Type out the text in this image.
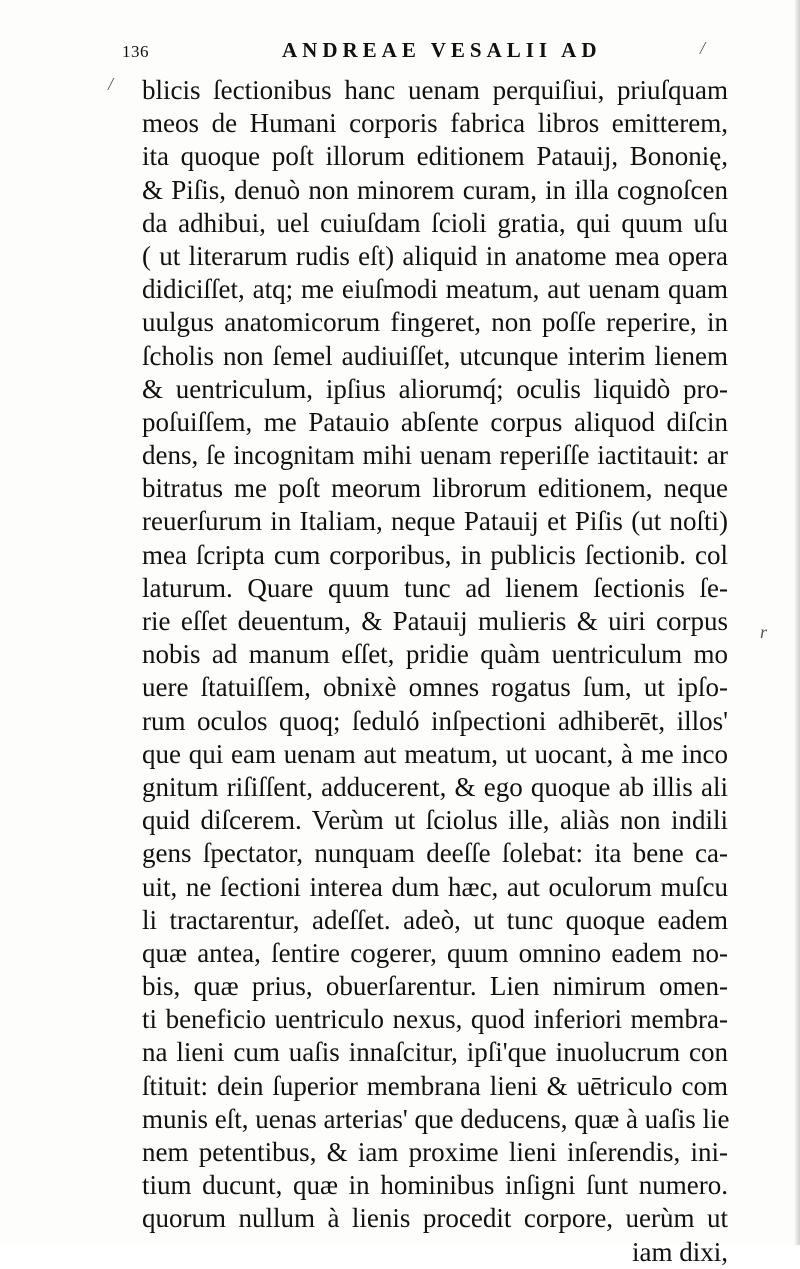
/
/
r
136	ANDREAE VESALII AD
blicis ſectionibus hanc uenam perquiſiui, priuſquam
meos de Humani corporis fabrica libros emitterem,
ita quoque poſt illorum editionem Patauij, Bononię,
& Piſis, denuò non minorem curam, in illa cognoſcen
da adhibui, uel cuiuſdam ſcioli gratia, qui quum uſu
( ut literarum rudis eſt) aliquid in anatome mea opera
didiciſſet, atq; me eiuſmodi meatum, aut uenam quam
uulgus anatomicorum fingeret, non poſſe reperire, in
ſcholis non ſemel audiuiſſet, utcunque interim lienem
& uentriculum, ipſius aliorumq́; oculis liquidò pro-
poſuiſſem, me Patauio abſente corpus aliquod diſcin
dens, ſe incognitam mihi uenam reperiſſe iactitauit: ar
bitratus me poſt meorum librorum editionem, neque
reuerſurum in Italiam, neque Patauij et Piſis (ut noſti)
mea ſcripta cum corporibus, in publicis ſectionib. col
laturum. Quare quum tunc ad lienem ſectionis ſe-
rie eſſet deuentum, & Patauij mulieris & uiri corpus
nobis ad manum eſſet, pridie quàm uentriculum mo
uere ſtatuiſſem, obnixè omnes rogatus ſum, ut ipſo-
rum oculos quoq; ſeduló inſpectioni adhiberēt, illos'
que qui eam uenam aut meatum, ut uocant, à me inco
gnitum riſiſſent, adducerent, & ego quoque ab illis ali
quid diſcerem. Verùm ut ſciolus ille, aliàs non indili
gens ſpectator, nunquam deeſſe ſolebat: ita bene ca-
uit, ne ſectioni interea dum hæc, aut oculorum muſcu
li tractarentur, adeſſet. adeò, ut tunc quoque eadem
quæ antea, ſentire cogerer, quum omnino eadem no-
bis, quæ prius, obuerſarentur. Lien nimirum omen-
ti beneficio uentriculo nexus, quod inferiori membra-
na lieni cum uaſis innaſcitur, ipſi'que inuolucrum con
ſtituit: dein ſuperior membrana lieni & uētriculo com
munis eſt, uenas arterias' que deducens, quæ à uaſis lie
nem petentibus, & iam proxime lieni inſerendis, ini-
tium ducunt, quæ in hominibus inſigni ſunt numero.
quorum nullum à lienis procedit corpore, uerùm ut
iam dixi,
